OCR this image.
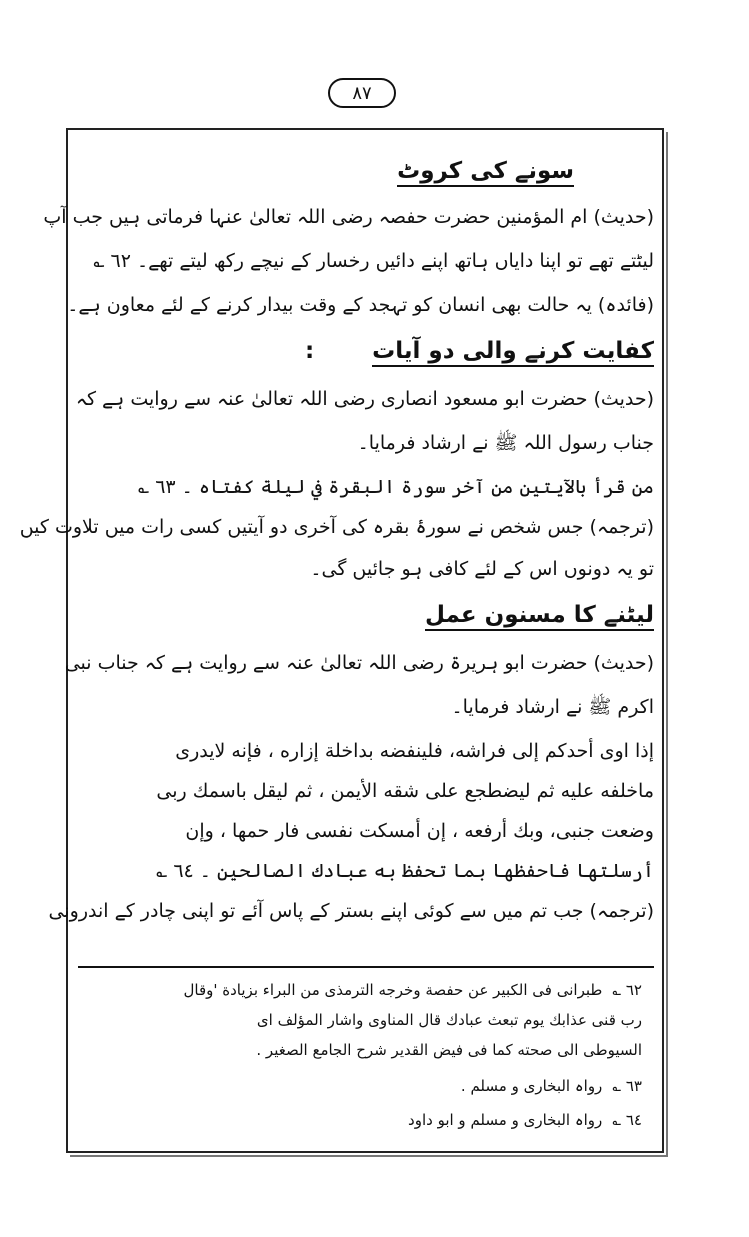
٨٧
سونے کی کروٹ
(حدیث) ام المؤمنین حضرت حفصہ رضی اللہ تعالیٰ عنہا فرماتی ہیں جب آپ
لیٹتے تھے تو اپنا دایاں ہاتھ اپنے دائیں رخسار کے نیچے رکھ لیتے تھے۔ ٦٢ ؎
(فائدہ) یہ حالت بھی انسان کو تہجد کے وقت بیدار کرنے کے لئے معاون ہے۔
کفایت کرنے والی دو آیات :
(حدیث) حضرت ابو مسعود انصاری رضی اللہ تعالیٰ عنہ سے روایت ہے کہ
جناب رسول اللہ ﷺ نے ارشاد فرمایا۔
من قرأ بالآيتين من آخر سورة البقرة في ليلة كفتاه ۔ ٦٣ ؎
(ترجمہ) جس شخص نے سورۂ بقرہ کی آخری دو آیتیں کسی رات میں تلاوت کیں
تو یہ دونوں اس کے لئے کافی ہو جائیں گی۔
لیٹنے کا مسنون عمل
(حدیث) حضرت ابو ہریرۃ رضی اللہ تعالیٰ عنہ سے روایت ہے کہ جناب نبی
اکرم ﷺ نے ارشاد فرمایا۔
إذا اوى أحدكم إلى فراشه، فلينفضه بداخلة إزاره ، فإنه لايدرى
ماخلفه عليه ثم ليضطجع على شقه الأيمن ، ثم ليقل باسمك ربى
وضعت جنبى، وبك أرفعه ، إن أمسكت نفسى فار حمها ، وإن
أرسلتها فاحفظها بما تحفظ به عبادك الصالحين ۔ ٦٤ ؎
(ترجمہ) جب تم میں سے کوئی اپنے بستر کے پاس آئے تو اپنی چادر کے اندرونی
٦٢ ؎طبرانی فی الکبیر عن حفصة وخرجه الترمذی من البراء بزیادة 'وقال
رب قنی عذابك یوم تبعث عبادك قال المناوی واشار المؤلف ای
السیوطی الی صحته کما فی فیض القدیر شرح الجامع الصغیر .
٦٣ ؎رواہ البخاری و مسلم .
٦٤ ؎رواہ البخاری و مسلم و ابو داود
